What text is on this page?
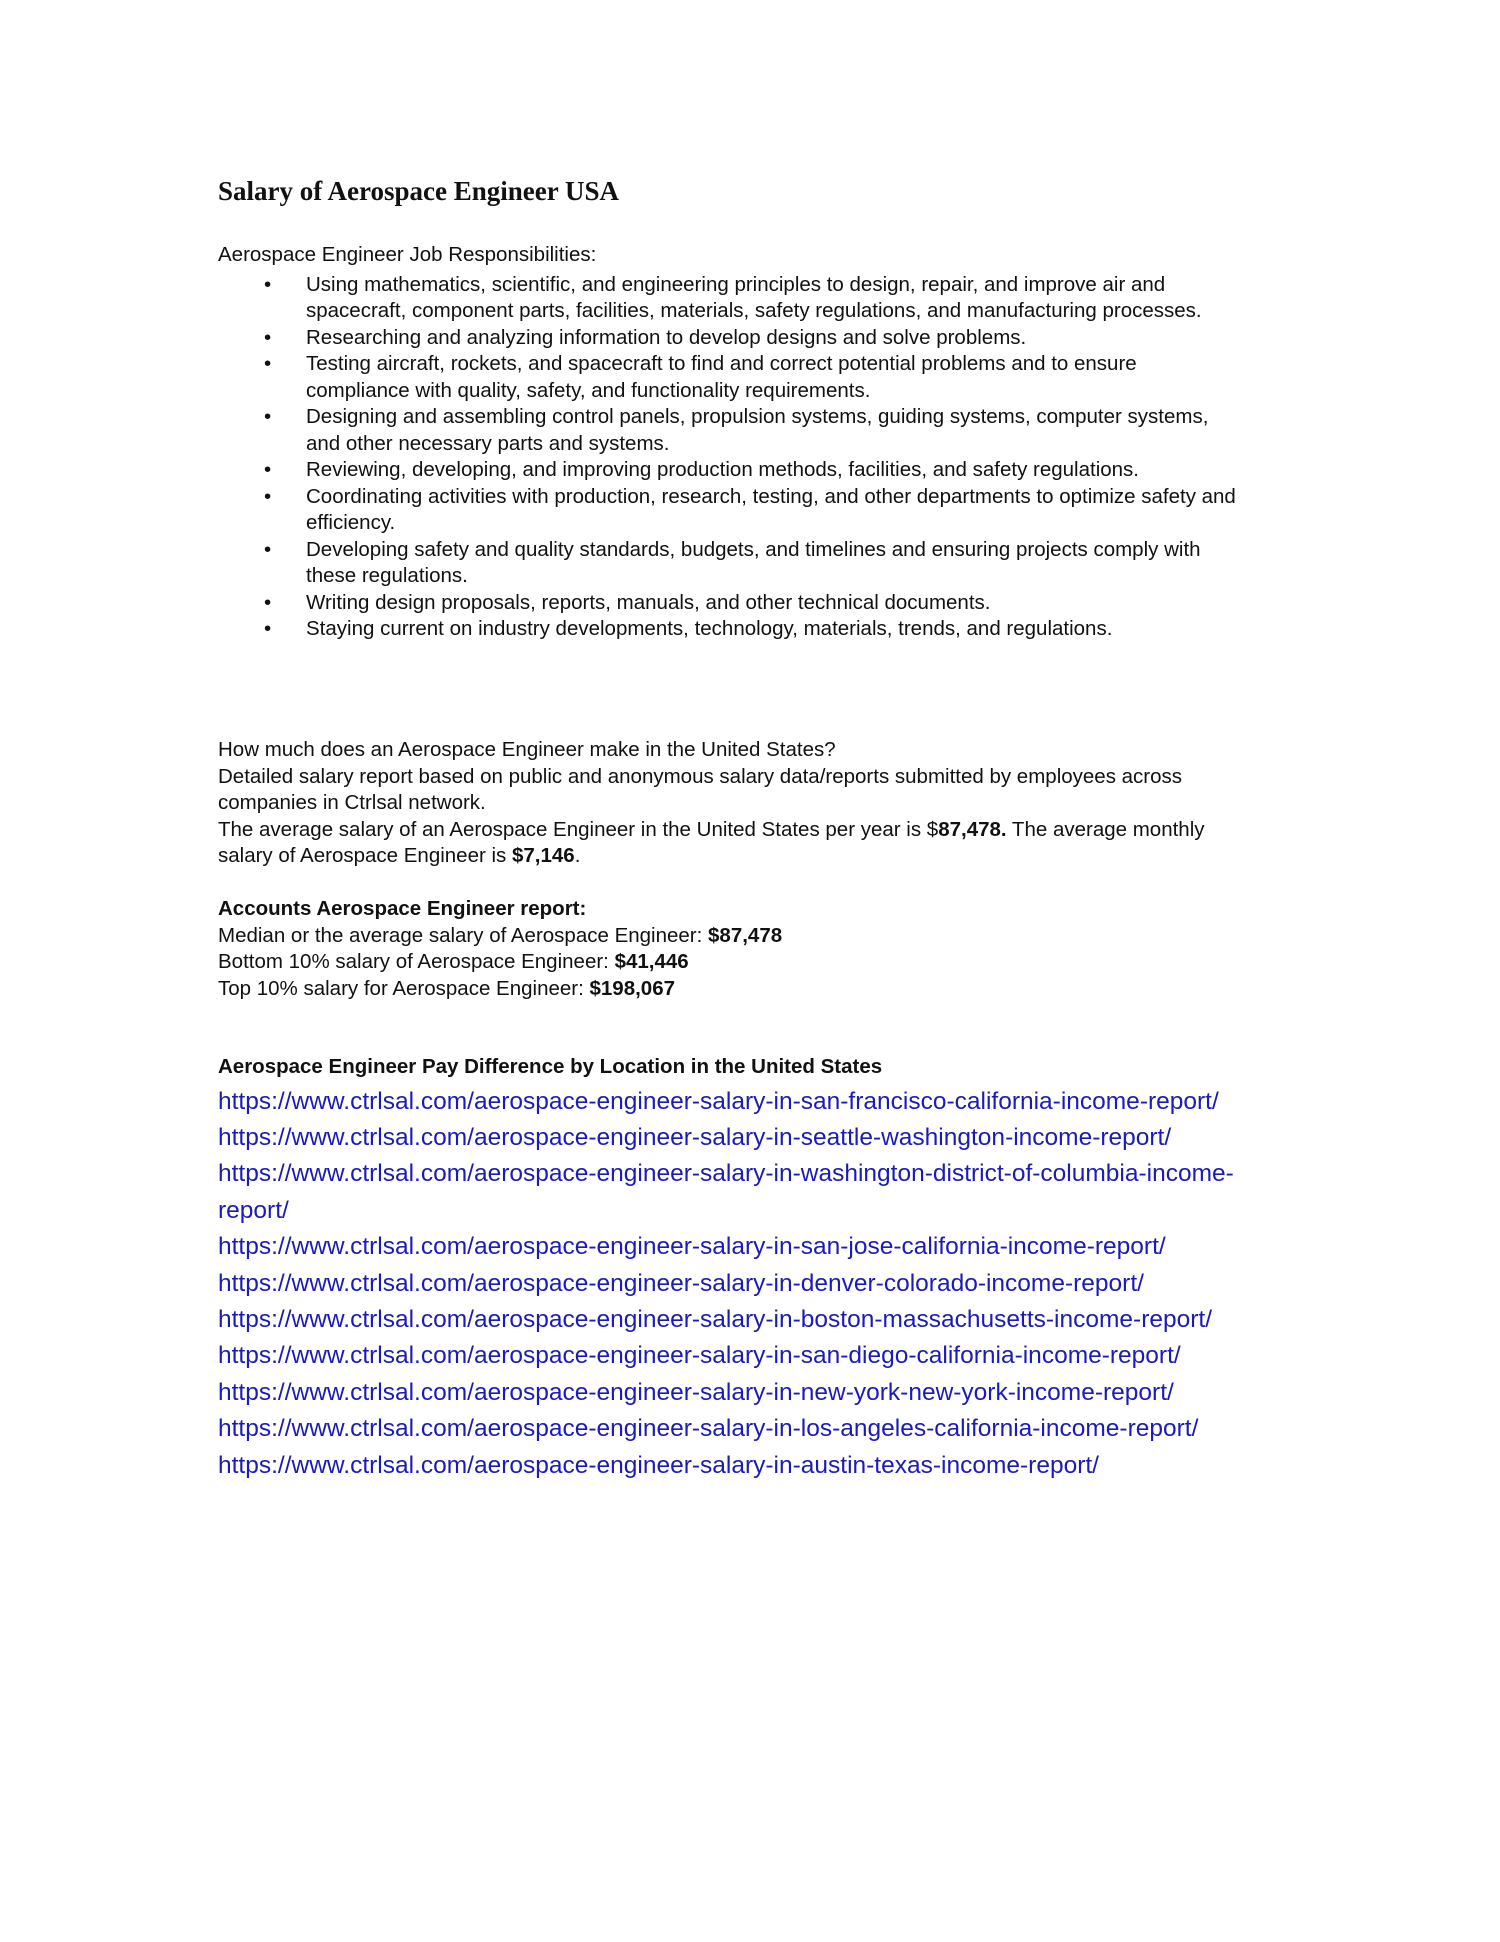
Salary of Aerospace Engineer USA
Aerospace Engineer Job Responsibilities:
• Using mathematics, scientific, and engineering principles to design, repair, and improve air and spacecraft, component parts, facilities, materials, safety regulations, and manufacturing processes.
• Researching and analyzing information to develop designs and solve problems.
• Testing aircraft, rockets, and spacecraft to find and correct potential problems and to ensure compliance with quality, safety, and functionality requirements.
• Designing and assembling control panels, propulsion systems, guiding systems, computer systems, and other necessary parts and systems.
• Reviewing, developing, and improving production methods, facilities, and safety regulations.
• Coordinating activities with production, research, testing, and other departments to optimize safety and efficiency.
• Developing safety and quality standards, budgets, and timelines and ensuring projects comply with these regulations.
• Writing design proposals, reports, manuals, and other technical documents.
• Staying current on industry developments, technology, materials, trends, and regulations.
How much does an Aerospace Engineer make in the United States?
Detailed salary report based on public and anonymous salary data/reports submitted by employees across companies in Ctrlsal network.
The average salary of an Aerospace Engineer in the United States per year is $87,478. The average monthly salary of Aerospace Engineer is $7,146.
Accounts Aerospace Engineer report:
Median or the average salary of Aerospace Engineer: $87,478
Bottom 10% salary of Aerospace Engineer: $41,446
Top 10% salary for Aerospace Engineer: $198,067
Aerospace Engineer Pay Difference by Location in the United States
https://www.ctrlsal.com/aerospace-engineer-salary-in-san-francisco-california-income-report/
https://www.ctrlsal.com/aerospace-engineer-salary-in-seattle-washington-income-report/
https://www.ctrlsal.com/aerospace-engineer-salary-in-washington-district-of-columbia-income-report/
https://www.ctrlsal.com/aerospace-engineer-salary-in-san-jose-california-income-report/
https://www.ctrlsal.com/aerospace-engineer-salary-in-denver-colorado-income-report/
https://www.ctrlsal.com/aerospace-engineer-salary-in-boston-massachusetts-income-report/
https://www.ctrlsal.com/aerospace-engineer-salary-in-san-diego-california-income-report/
https://www.ctrlsal.com/aerospace-engineer-salary-in-new-york-new-york-income-report/
https://www.ctrlsal.com/aerospace-engineer-salary-in-los-angeles-california-income-report/
https://www.ctrlsal.com/aerospace-engineer-salary-in-austin-texas-income-report/
